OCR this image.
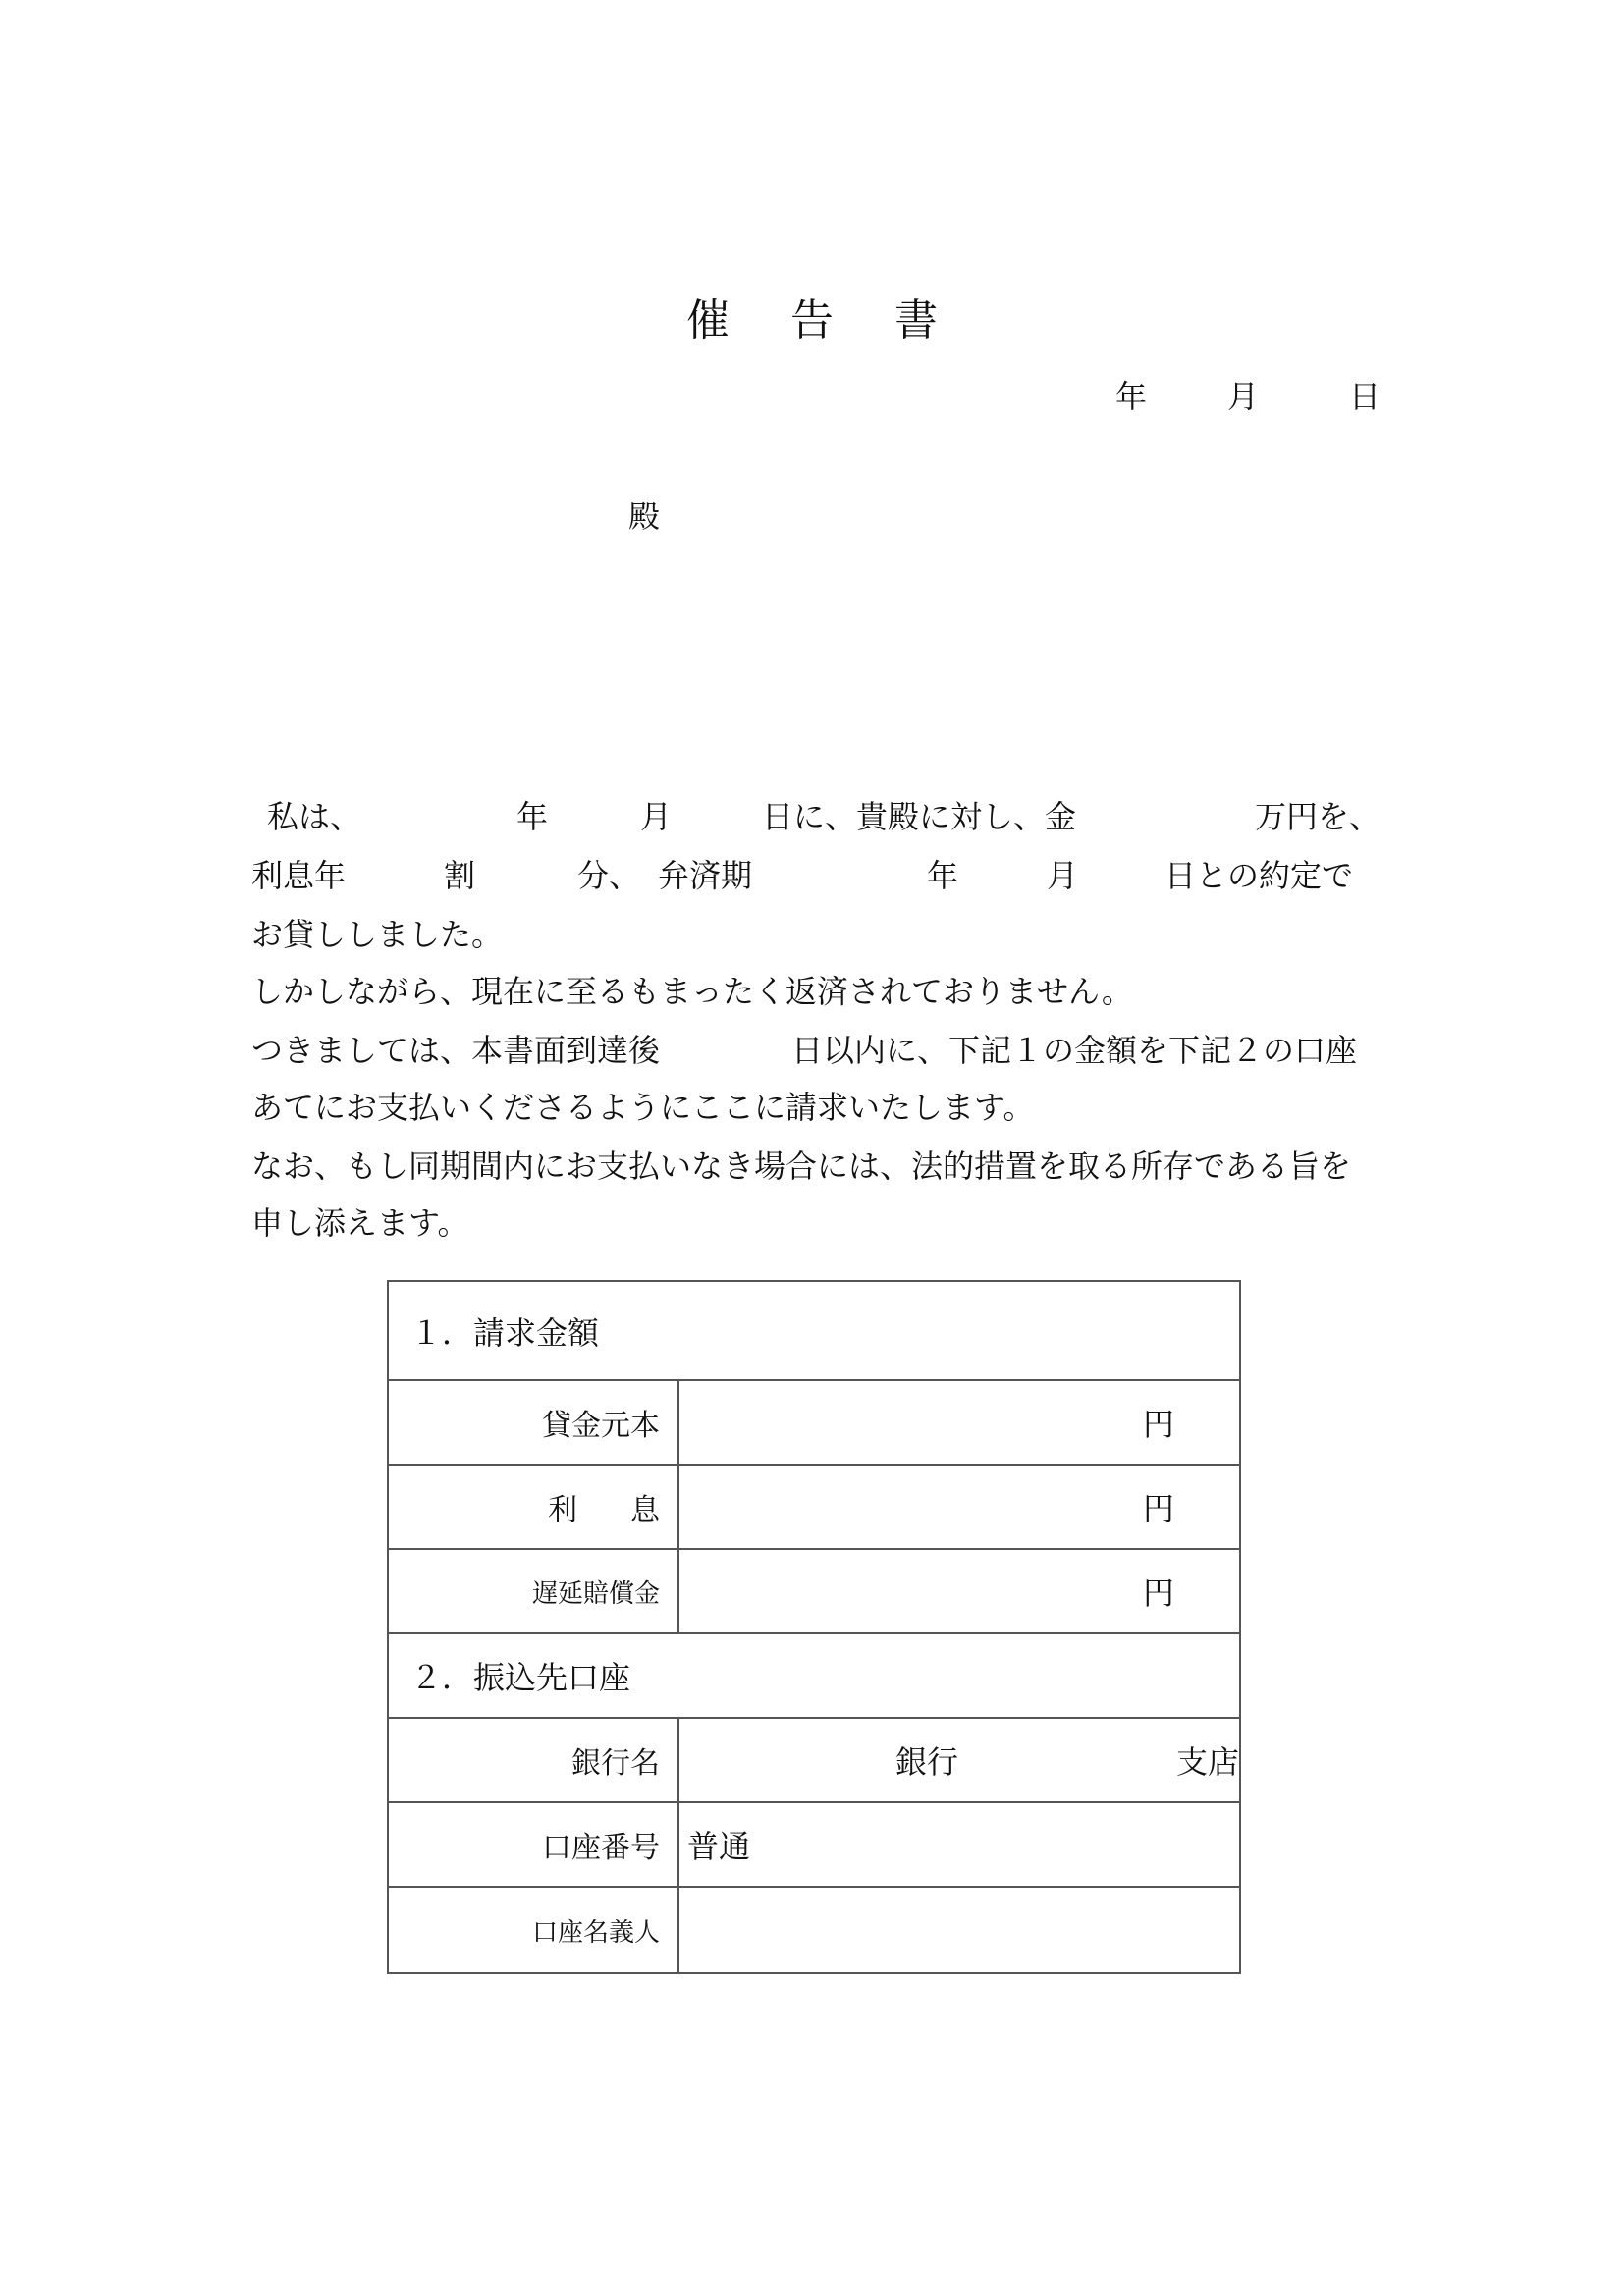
催 告 書
年	月	日
殿
私は、	年	月	日に、貴殿に対し、金	万円を、
利息年	割	分、 弁済期	年	月	日との約定で
お貸ししました。
しかしながら、現在に至るもまったく返済されておりません。
つきましては、本書面到達後	日以内に、下記１の金額を下記２の口座
あてにお支払いくださるようにここに請求いたします。
なお、もし同期間内にお支払いなき場合には、法的措置を取る所存である旨を
申し添えます。
１．請求金額
貸金元本	円
利息	円
遅延賠償金	円
２．振込先口座
銀行名	銀行	支店
口座番号 普通
口座名義人
